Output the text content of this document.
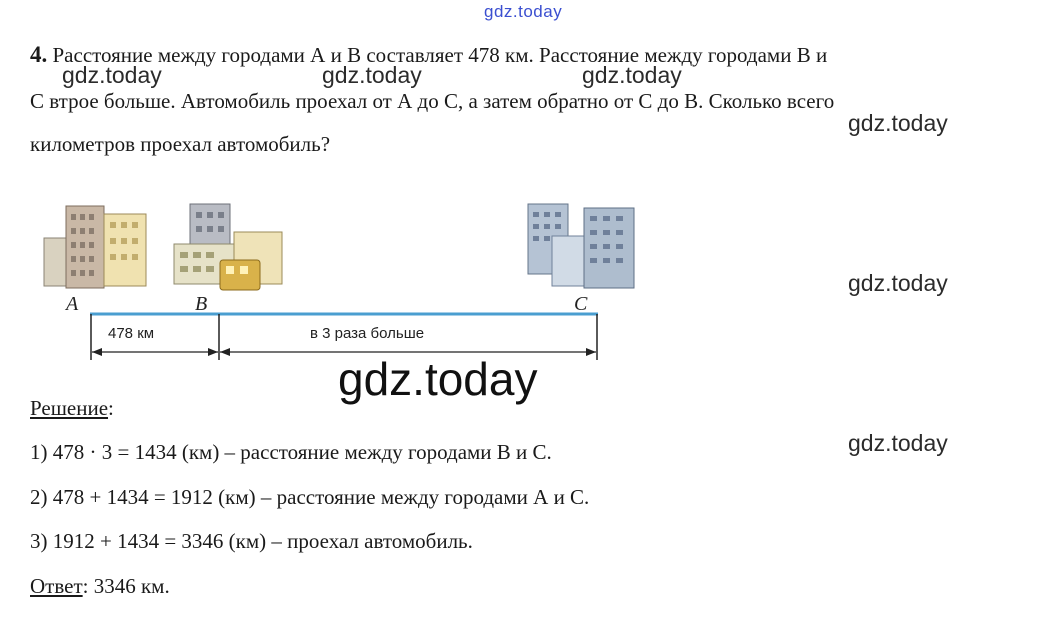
gdz.today
gdz.today	gdz.today	gdz.today
gdz.today
gdz.today
gdz.today
4. Расстояние между городами А и В составляет 478 км. Расстояние между городами В и
С втрое больше. Автомобиль проехал от А до С, а затем обратно от С до В. Сколько всего
километров проехал автомобиль?
A	B	C
478 км	в 3 раза больше
gdz.today
Решение:
1) 478 · 3 = 1434 (км) – расстояние между городами В и С.
2) 478 + 1434 = 1912 (км) – расстояние между городами А и С.
3) 1912 + 1434 = 3346 (км) – проехал автомобиль.
Ответ: 3346 км.
